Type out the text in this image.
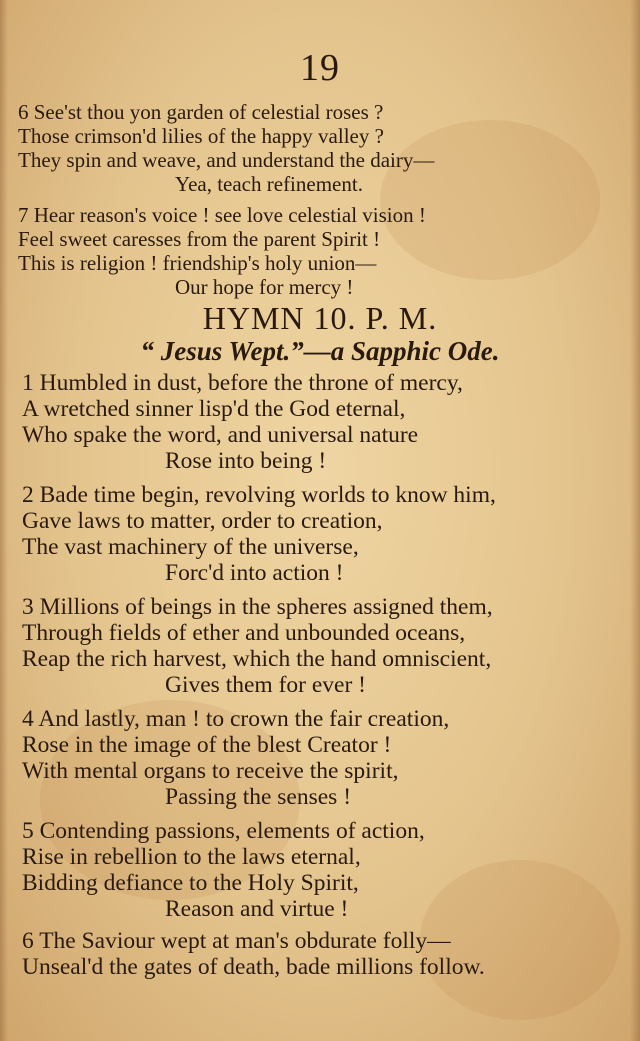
19
6 See'st thou yon garden of celestial roses ?
Those crimson'd lilies of the happy valley ?
They spin and weave, and understand the dairy—
Yea, teach refinement.
7 Hear reason's voice ! see love celestial vision !
Feel sweet caresses from the parent Spirit !
This is religion ! friendship's holy union—
Our hope for mercy !
HYMN 10. P. M.
“ Jesus Wept.”—a Sapphic Ode.
1 Humbled in dust, before the throne of mercy,
A wretched sinner lisp'd the God eternal,
Who spake the word, and universal nature
Rose into being !
2 Bade time begin, revolving worlds to know him,
Gave laws to matter, order to creation,
The vast machinery of the universe,
Forc'd into action !
3 Millions of beings in the spheres assigned them,
Through fields of ether and unbounded oceans,
Reap the rich harvest, which the hand omniscient,
Gives them for ever !
4 And lastly, man ! to crown the fair creation,
Rose in the image of the blest Creator !
With mental organs to receive the spirit,
Passing the senses !
5 Contending passions, elements of action,
Rise in rebellion to the laws eternal,
Bidding defiance to the Holy Spirit,
Reason and virtue !
6 The Saviour wept at man's obdurate folly—
Unseal'd the gates of death, bade millions follow.
